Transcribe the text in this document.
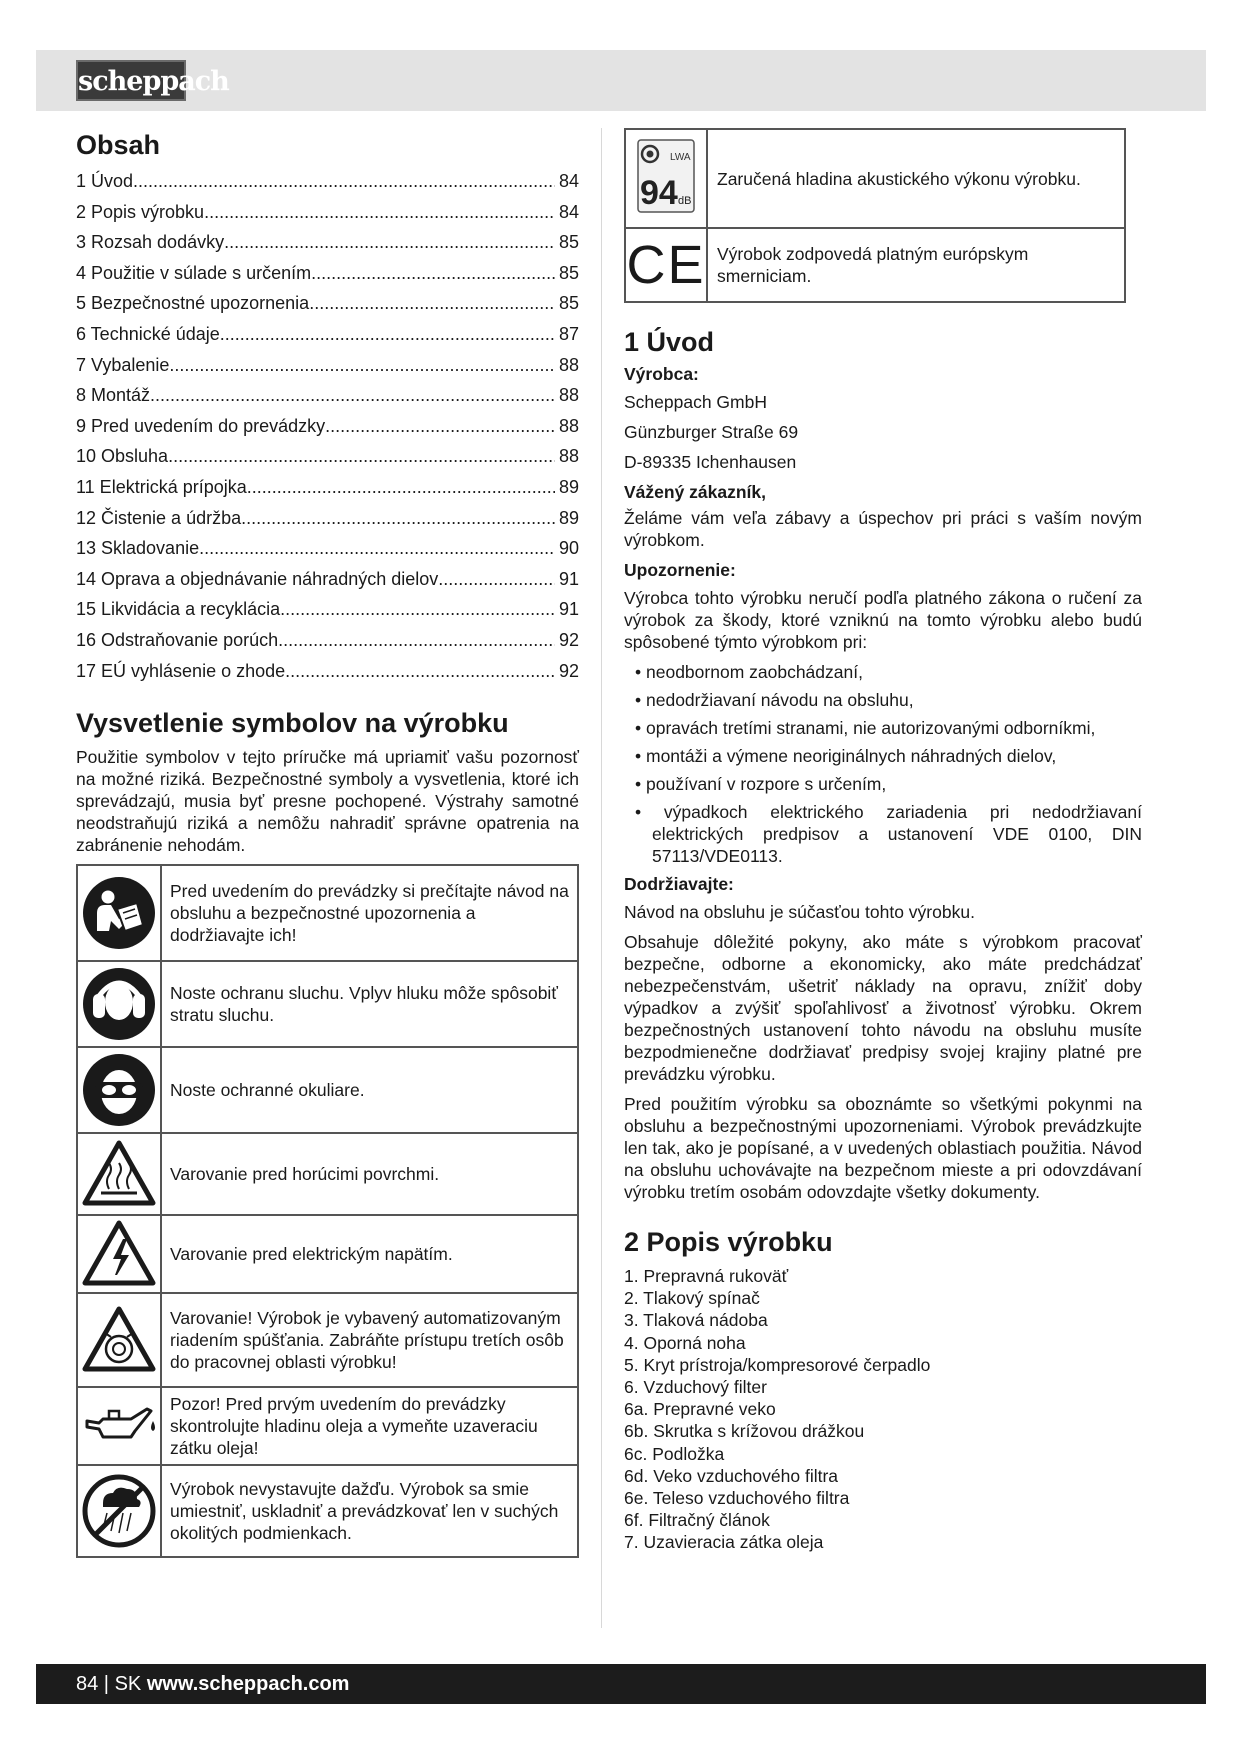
scheppach
Obsah
1 Úvod .....	84
2 Popis výrobku .....	84
3 Rozsah dodávky .....	85
4 Použitie v súlade s určením .....	85
5 Bezpečnostné upozornenia .....	85
6 Technické údaje .....	87
7 Vybalenie .....	88
8 Montáž .....	88
9 Pred uvedením do prevádzky .....	88
10 Obsluha .....	88
11 Elektrická prípojka .....	89
12 Čistenie a údržba .....	89
13 Skladovanie .....	90
14 Oprava a objednávanie náhradných dielov .....	91
15 Likvidácia a recyklácia .....	91
16 Odstraňovanie porúch .....	92
17 EÚ vyhlásenie o zhode .....	92
Vysvetlenie symbolov na výrobku

Použitie symbolov v tejto príručke má upriamiť vašu pozornosť na možné riziká. Bezpečnostné symboly a vysvetlenia, ktoré ich sprevádzajú, musia byť presne pochopené. Výstrahy samotné neodstraňujú riziká a nemôžu nahradiť správne opatrenia na zabránenie nehodám.

	Pred uvedením do prevádzky si prečítajte návod na obsluhu a bezpečnostné upozornenia a dodržiavajte ich!

	Noste ochranu sluchu. Vplyv hluku môže spôsobiť stratu sluchu.

	Noste ochranné okuliare.

	Varovanie pred horúcimi povrchmi.

	Varovanie pred elektrickým napätím.

	Varovanie! Výrobok je vybavený automatizovaným riadením spúšťania. Zabráňte prístupu tretích osôb do pracovnej oblasti výrobku!

	Pozor! Pred prvým uvedením do prevádzky skontrolujte hladinu oleja a vymeňte uzaveraciu zátku oleja!

	Výrobok nevystavujte dažďu. Výrobok sa smie umiestniť, uskladniť a prevádzkovať len v suchých okolitých podmienkach.
LWA
94 dB	Zaručená hladina akustického výkonu výrobku.
CE	Výrobok zodpovedá platným európskym smerniciam.
1 Úvod
Výrobca:
Scheppach GmbH
Günzburger Straße 69
D-89335 Ichenhausen
Vážený zákazník,

Želáme vám veľa zábavy a úspechov pri práci s vaším novým výrobkom.

Upozornenie:

Výrobca tohto výrobku neručí podľa platného zákona o ručení za výrobok za škody, ktoré vzniknú na tomto výrobku alebo budú spôsobené týmto výrobkom pri:

• neodbornom zaobchádzaní,
• nedodržiavaní návodu na obsluhu,
• opravách tretími stranami, nie autorizovanými odborníkmi,
• montáži a výmene neoriginálnych náhradných dielov,
• používaní v rozpore s určením,
• výpadkoch elektrického zariadenia pri nedodržiavaní elektrických predpisov a ustanovení VDE 0100, DIN 57113/VDE0113.
Dodržiavajte:

Návod na obsluhu je súčasťou tohto výrobku.

Obsahuje dôležité pokyny, ako máte s výrobkom pracovať bezpečne, odborne a ekonomicky, ako máte predchádzať nebezpečenstvám, ušetriť náklady na opravu, znížiť doby výpadkov a zvýšiť spoľahlivosť a životnosť výrobku. Okrem bezpečnostných ustanovení tohto návodu na obsluhu musíte bezpodmienečne dodržiavať predpisy svojej krajiny platné pre prevádzku výrobku.

Pred použitím výrobku sa oboznámte so všetkými pokynmi na obsluhu a bezpečnostnými upozorneniami. Výrobok prevádzkujte len tak, ako je popísané, a v uvedených oblastiach použitia. Návod na obsluhu uchovávajte na bezpečnom mieste a pri odovzdávaní výrobku tretím osobám odovzdajte všetky dokumenty.

2 Popis výrobku
1. Prepravná rukoväť
2. Tlakový spínač
3. Tlaková nádoba
4. Oporná noha
5. Kryt prístroja/kompresorové čerpadlo
6. Vzduchový filter
6a. Prepravné veko
6b. Skrutka s krížovou drážkou
6c. Podložka
6d. Veko vzduchového filtra
6e. Teleso vzduchového filtra
6f. Filtračný článok
7. Uzavieracia zátka oleja
84 | SK www.scheppach.com
